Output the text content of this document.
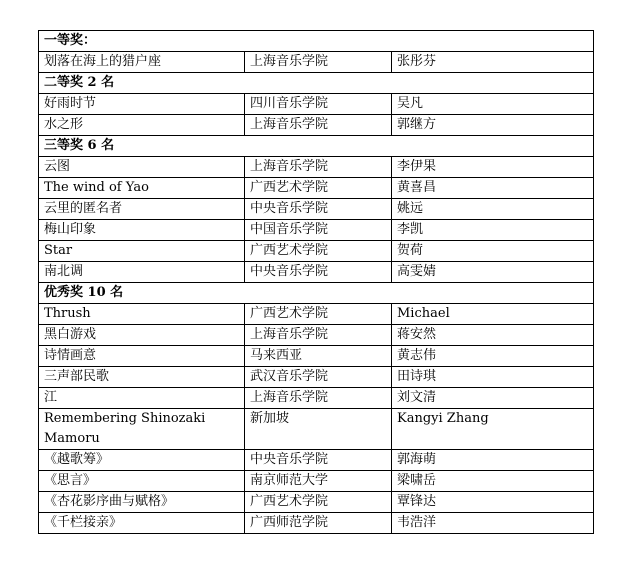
一等奖：		
划落在海上的猎户座	上海音乐学院	张彤芬
二等奖 2 名		
好雨时节	四川音乐学院	吴凡
水之形	上海音乐学院	郭继方
三等奖 6 名		
云图	上海音乐学院	李伊果
The wind of Yao	广西艺术学院	黄喜昌
云里的匿名者	中央音乐学院	姚远
梅山印象	中国音乐学院	李凯
Star	广西艺术学院	贺荷
南北调	中央音乐学院	高雯婧
优秀奖 10 名		
Thrush	广西艺术学院	Michael
黑白游戏	上海音乐学院	蒋安然
诗情画意	马来西亚	黄志伟
三声部民歌	武汉音乐学院	田诗琪
江	上海音乐学院	刘文清
Remembering Shinozaki Mamoru	新加坡	Kangyi Zhang
《越歌筹》	中央音乐学院	郭海萌
《思言》	南京师范大学	梁啸岳
《杏花影序曲与赋格》	广西艺术学院	覃锋达
《千栏接亲》	广西师范学院	韦浩洋
